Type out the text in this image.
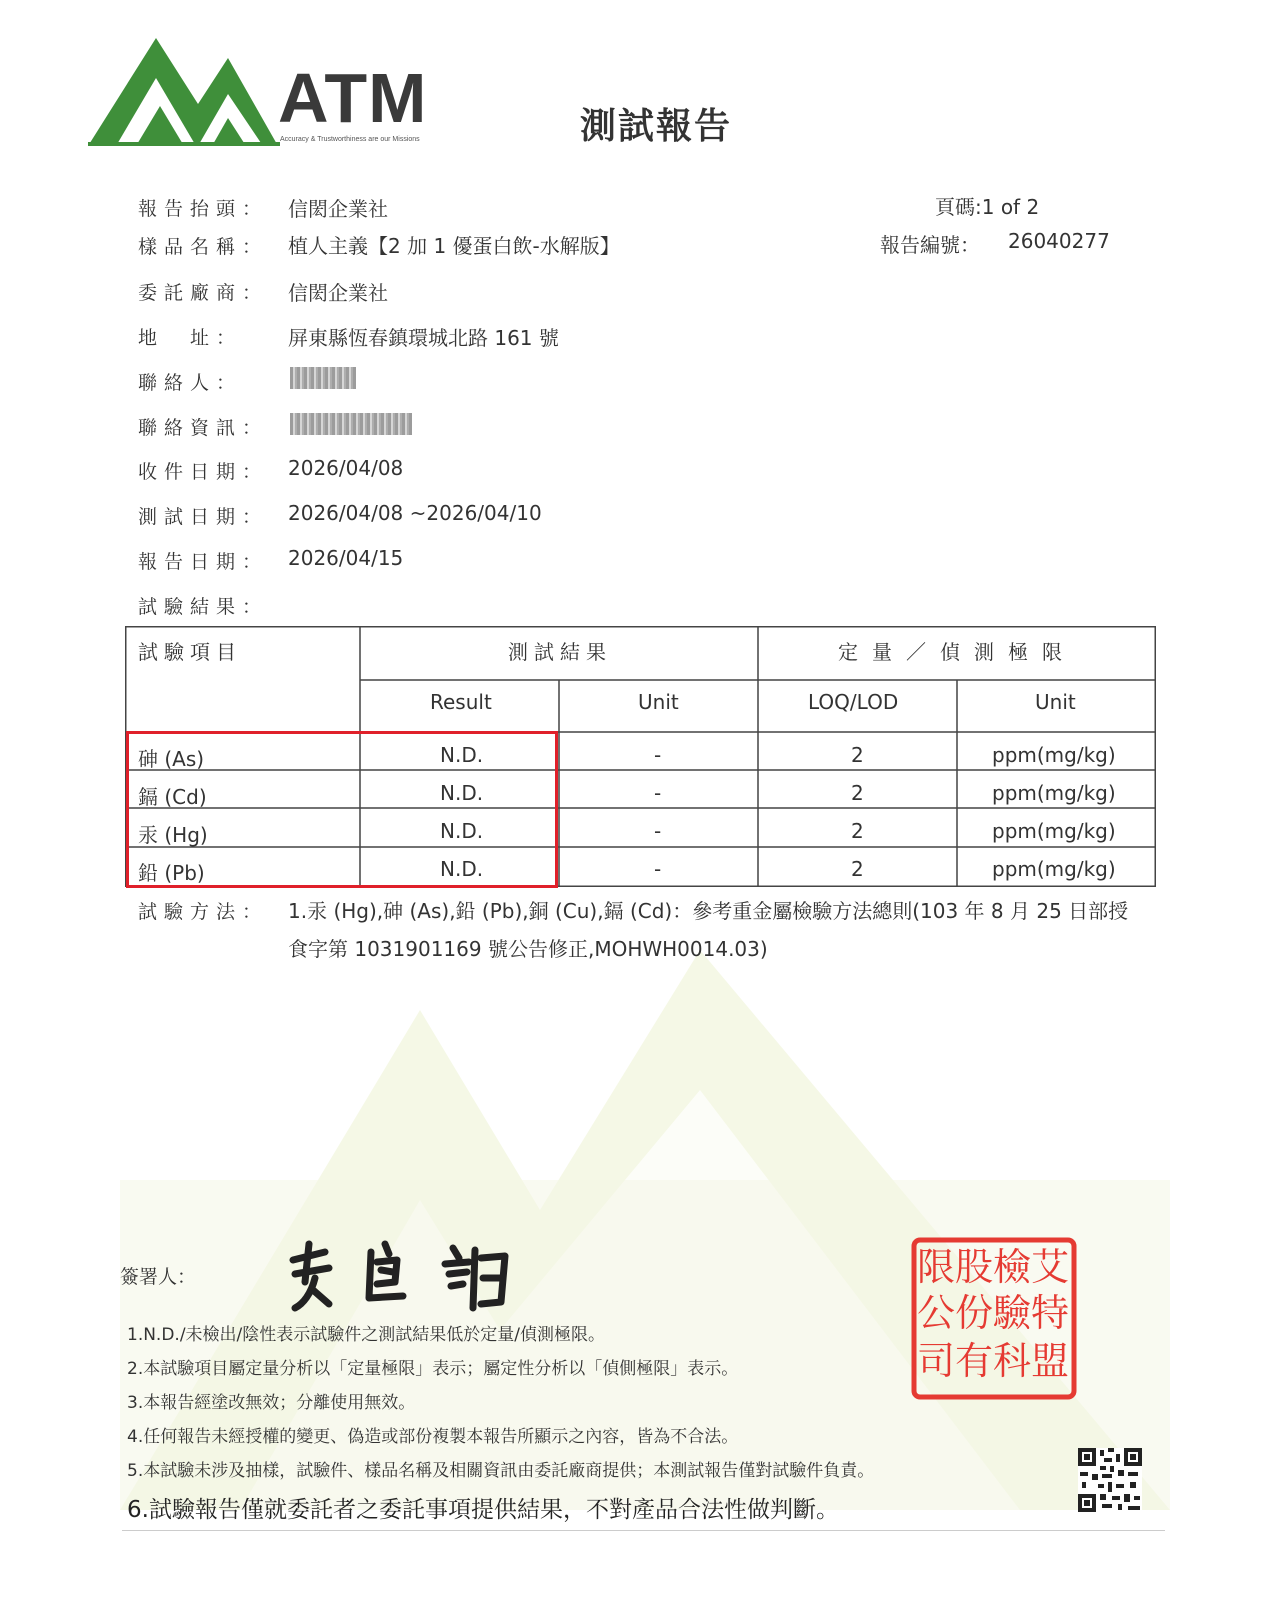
ATM
Accuracy & Trustworthiness are our Missions	測試報告
頁碼:1 of 2
報告編號： 26040277
報告抬頭： 信閎企業社
樣品名稱： 植人主義【2 加 1 優蛋白飲-水解版】
委託廠商： 信閎企業社
地　址： 屏東縣恆春鎮環城北路 161 號
聯絡人：
聯絡資訊：
收件日期： 2026/04/08
測試日期： 2026/04/08 ~2026/04/10
報告日期： 2026/04/15
試驗結果：
試驗項目	測試結果	定量／偵測極限
Result	Unit	LOQ/LOD	Unit
砷 (As)	N.D.	-	2	ppm(mg/kg)
鎘 (Cd)	N.D.	-	2	ppm(mg/kg)
汞 (Hg)	N.D.	-	2	ppm(mg/kg)
鉛 (Pb)	N.D.	-	2	ppm(mg/kg)
試驗方法： 1.汞 (Hg),砷 (As),鉛 (Pb),銅 (Cu),鎘 (Cd)：參考重金屬檢驗方法總則(103 年 8 月 25 日部授
食字第 1031901169 號公告修正,MOHWH0014.03)
簽署人：	艾
特
盟
檢
驗
科
股
份
有
限
公
司
1.N.D./未檢出/陰性表示試驗件之測試結果低於定量/偵測極限。
2.本試驗項目屬定量分析以「定量極限」表示；屬定性分析以「偵側極限」表示。
3.本報告經塗改無效；分離使用無效。
4.任何報告未經授權的變更、偽造或部份複製本報告所顯示之內容，皆為不合法。
5.本試驗未涉及抽樣，試驗件、樣品名稱及相關資訊由委託廠商提供；本測試報告僅對試驗件負責。
6.試驗報告僅就委託者之委託事項提供結果，不對產品合法性做判斷。
